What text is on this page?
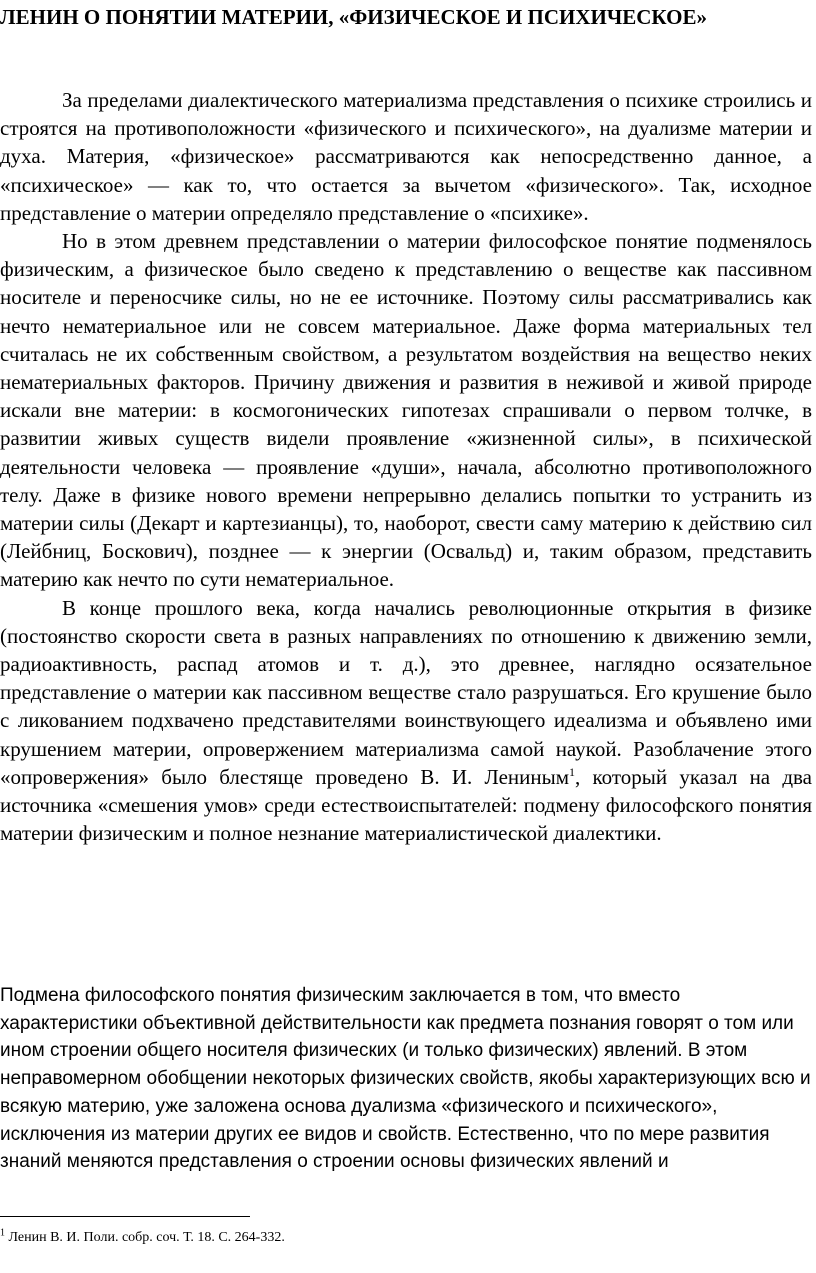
ЛЕНИН О ПОНЯТИИ МАТЕРИИ, «ФИЗИЧЕСКОЕ И ПСИХИЧЕСКОЕ»

За пределами диалектического материализма представления о психике строились и строятся на противоположности «физического и психического», на дуализме материи и духа. Материя, «физическое» рассматриваются как непосредственно данное, а «психическое» — как то, что остается за вычетом «физического». Так, исходное представление о материи определяло представление о «психике».

Но в этом древнем представлении о материи философское понятие подменялось физическим, а физическое было сведено к представлению о веществе как пассивном носителе и переносчике силы, но не ее источнике. Поэтому силы рассматривались как нечто нематериальное или не совсем материальное. Даже форма материальных тел считалась не их собственным свойством, а результатом воздействия на вещество неких нематериальных факторов. Причину движения и развития в неживой и живой природе искали вне материи: в космогонических гипотезах спрашивали о первом толчке, в развитии живых существ видели проявление «жизненной силы», в психической деятельности человека — проявление «души», начала, абсолютно противоположного телу. Даже в физике нового времени непрерывно делались попытки то устранить из материи силы (Декарт и картезианцы), то, наоборот, свести саму материю к действию сил (Лейбниц, Боскович), позднее — к энергии (Освальд) и, таким образом, представить материю как нечто по сути нематериальное.

В конце прошлого века, когда начались революционные открытия в физике (постоянство скорости света в разных направлениях по отношению к движению земли, радиоактивность, распад атомов и т. д.), это древнее, наглядно осязательное представление о материи как пассивном веществе стало разрушаться. Его крушение было с ликованием подхвачено представителями воинствующего идеализма и объявлено ими крушением материи, опровержением материализма самой наукой. Разоблачение этого «опровержения» было блестяще проведено В. И. Лениным$^1$, который указал на два источника «смешения умов» среди естествоиспытателей: подмену философского понятия материи физическим и полное незнание материалистической диалектики.

Подмена философского понятия физическим заключается в том, что вместо характеристики объективной действительности как предмета познания говорят о том или ином строении общего носителя физических (и только физических) явлений. В этом неправомерном обобщении некоторых физических свойств, якобы характеризующих всю и всякую материю, уже заложена основа дуализма «физического и психического», исключения из материи других ее видов и свойств. Естественно, что по мере развития знаний меняются представления о строении основы физических явлений и

$^1$ Ленин В. И. Поли. собр. соч. Т. 18. С. 264-332.
